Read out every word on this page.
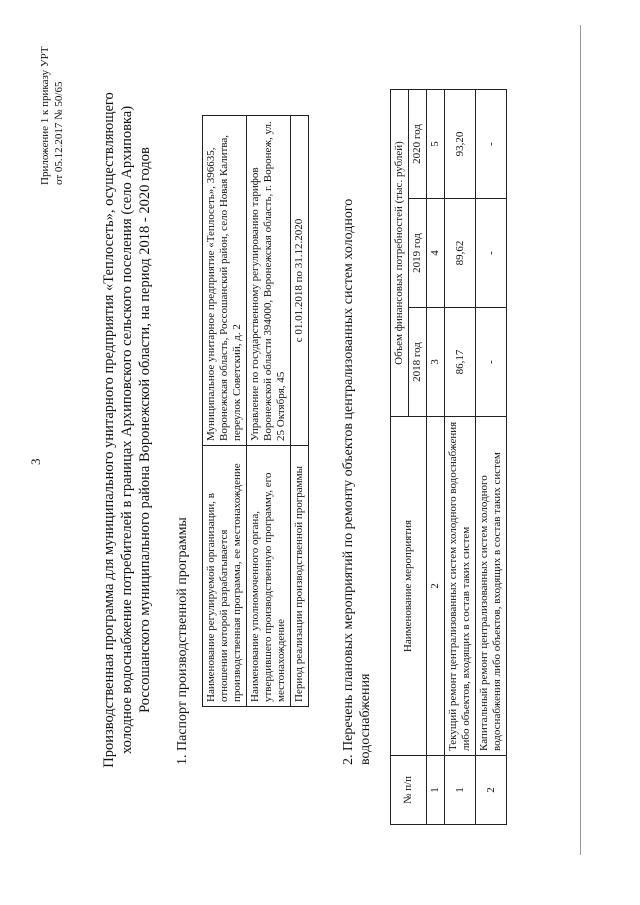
3
Приложение 1 к приказу УРТ от 05.12.2017 № 50/65 Производственная программа для муниципального унитарного предприятия «Теплосеть», осуществляющего холодное водоснабжение потребителей в границах Архиповского сельского поселения (село Архиповка) Россошанского муниципального района Воронежской области, на период 2018 - 2020 годов 1. Паспорт производственной программы Наименование регулируемой организации, в отношении которой разрабатывается производственная программа, ее местонахождение	Муниципальное унитарное предприятие «Теплосеть», 396635, Воронежская область, Россошанский район, село Новая Калитва, переулок Советский, д. 2
Наименование уполномоченного органа, утвердившего производственную программу, его местонахождение	Управление по государственному регулированию тарифов Воронежской области 394000, Воронежская область, г. Воронеж, ул. 25 Октября, 45
Период реализации производственной программы	с 01.01.2018 по 31.12.2020	2. Перечень плановых мероприятий по ремонту объектов централизованных систем холодного водоснабжения
№ п/п	Наименование мероприятия	Объем финансовых потребностей (тыс. рублей)		
		2018 год	2019 год	2020 год
1	2	3	4	5
1	Текущий ремонт централизованных систем холодного водоснабжения либо объектов, входящих в состав таких систем	86,17	89,62	93,20
2	Капитальный ремонт централизованных систем холодного водоснабжения либо объектов, входящих в состав таких систем	-	-	-
